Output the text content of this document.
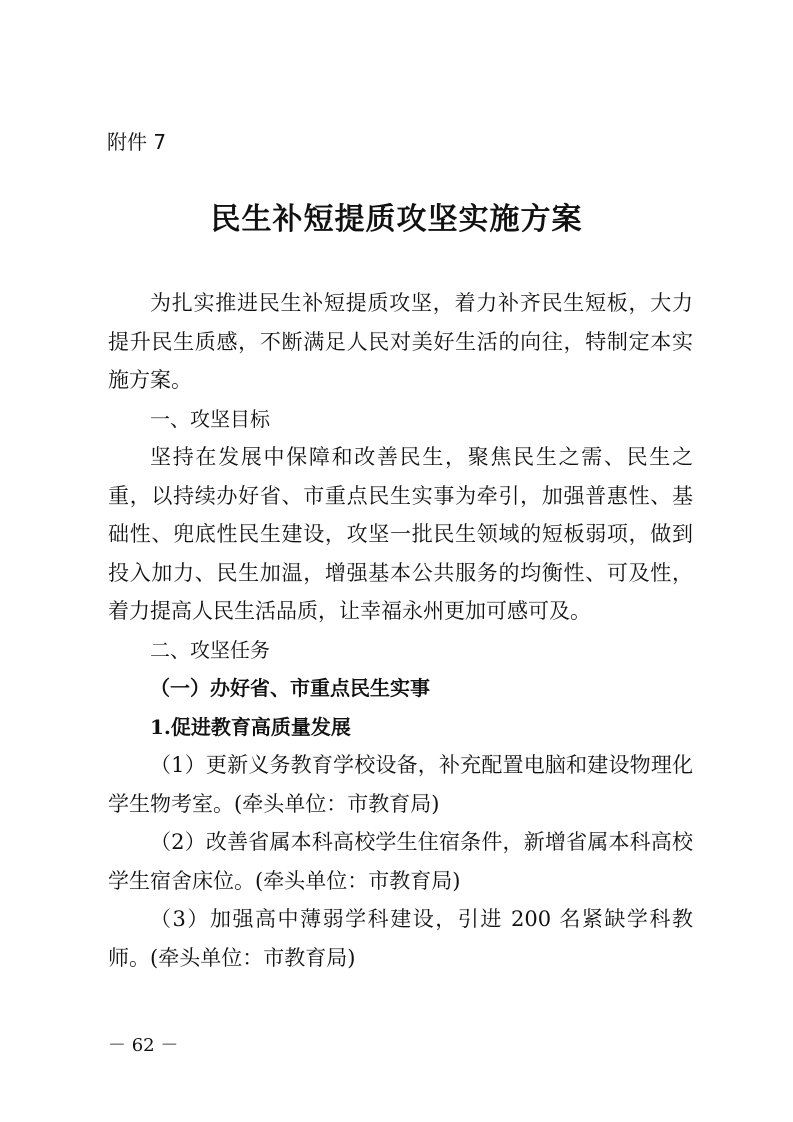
附件 7

民生补短提质攻坚实施方案

为扎实推进民生补短提质攻坚，着力补齐民生短板，大力提升民生质感，不断满足人民对美好生活的向往，特制定本实施方案。

一、攻坚目标

坚持在发展中保障和改善民生，聚焦民生之需、民生之重，以持续办好省、市重点民生实事为牵引，加强普惠性、基础性、兜底性民生建设，攻坚一批民生领域的短板弱项，做到投入加力、民生加温，增强基本公共服务的均衡性、可及性，着力提高人民生活品质，让幸福永州更加可感可及。

二、攻坚任务

（一）办好省、市重点民生实事

1.促进教育高质量发展

（1）更新义务教育学校设备，补充配置电脑和建设物理化学生物考室。(牵头单位：市教育局)

（2）改善省属本科高校学生住宿条件，新增省属本科高校学生宿舍床位。(牵头单位：市教育局)

（3）加强高中薄弱学科建设，引进 200 名紧缺学科教师。(牵头单位：市教育局)

－ 62 －
